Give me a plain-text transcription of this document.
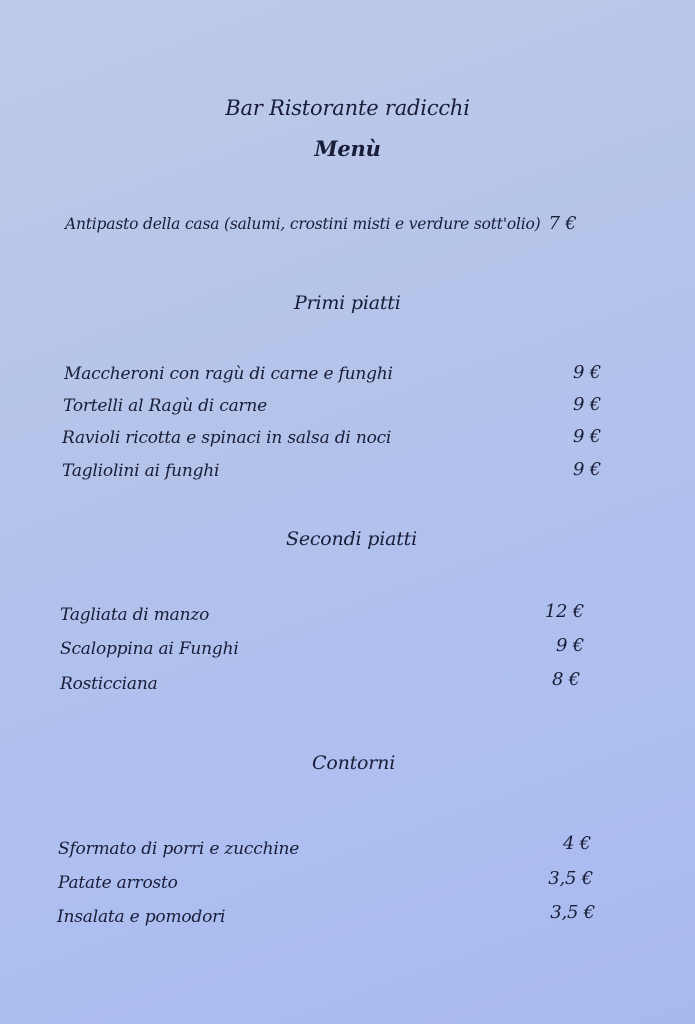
Bar Ristorante radicchi
Menù
Antipasto della casa (salumi, crostini misti e verdure sott'olio) 7 €
Primi piatti
Maccheroni con ragù di carne e funghi	9 €
Tortelli al Ragù di carne	9 €
Ravioli ricotta e spinaci in salsa di noci	9 €
Tagliolini ai funghi	9 €
Secondi piatti
Tagliata di manzo	12 €
Scaloppina ai Funghi	9 €
Rosticciana	8 €
Contorni
Sformato di porri e zucchine	4 €
Patate arrosto	3,5 €
Insalata e pomodori	3,5 €
